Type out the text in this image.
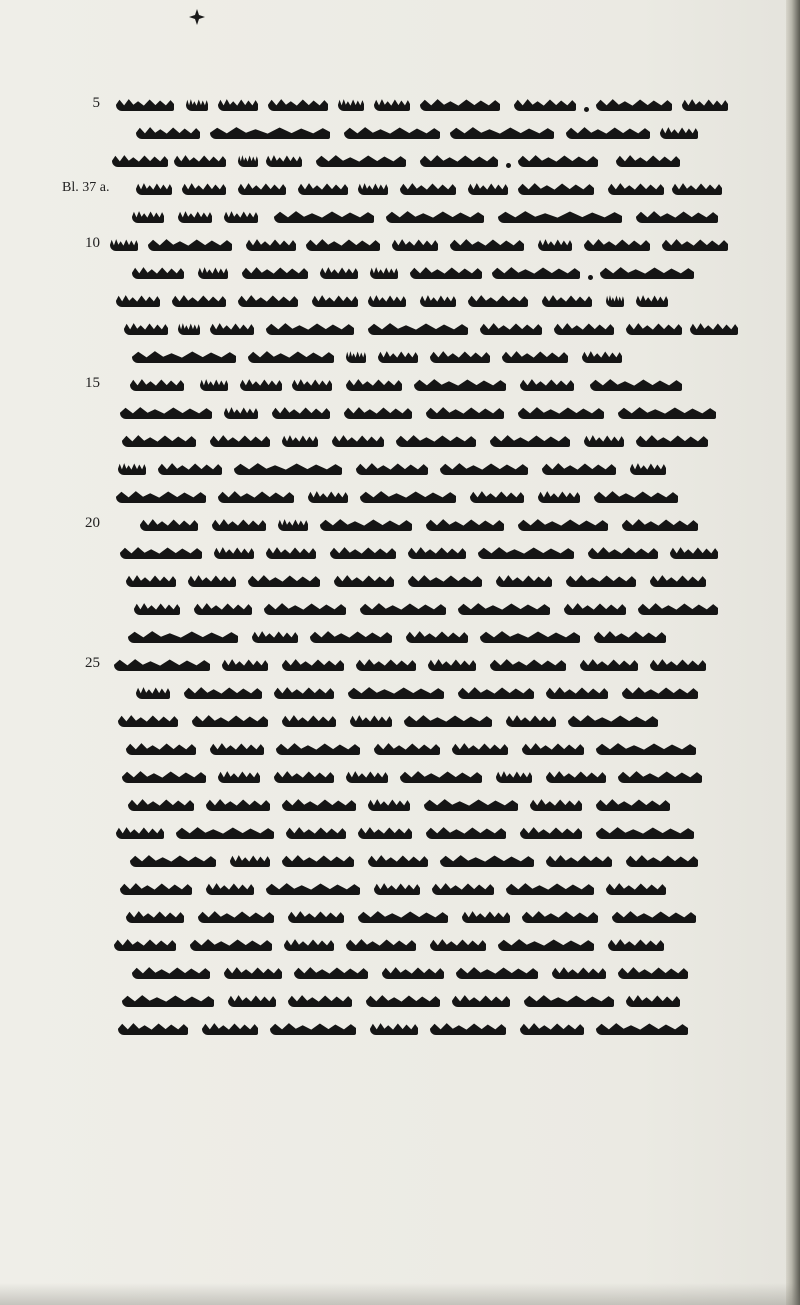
5
10
15
20
25
Bl. 37 a.
